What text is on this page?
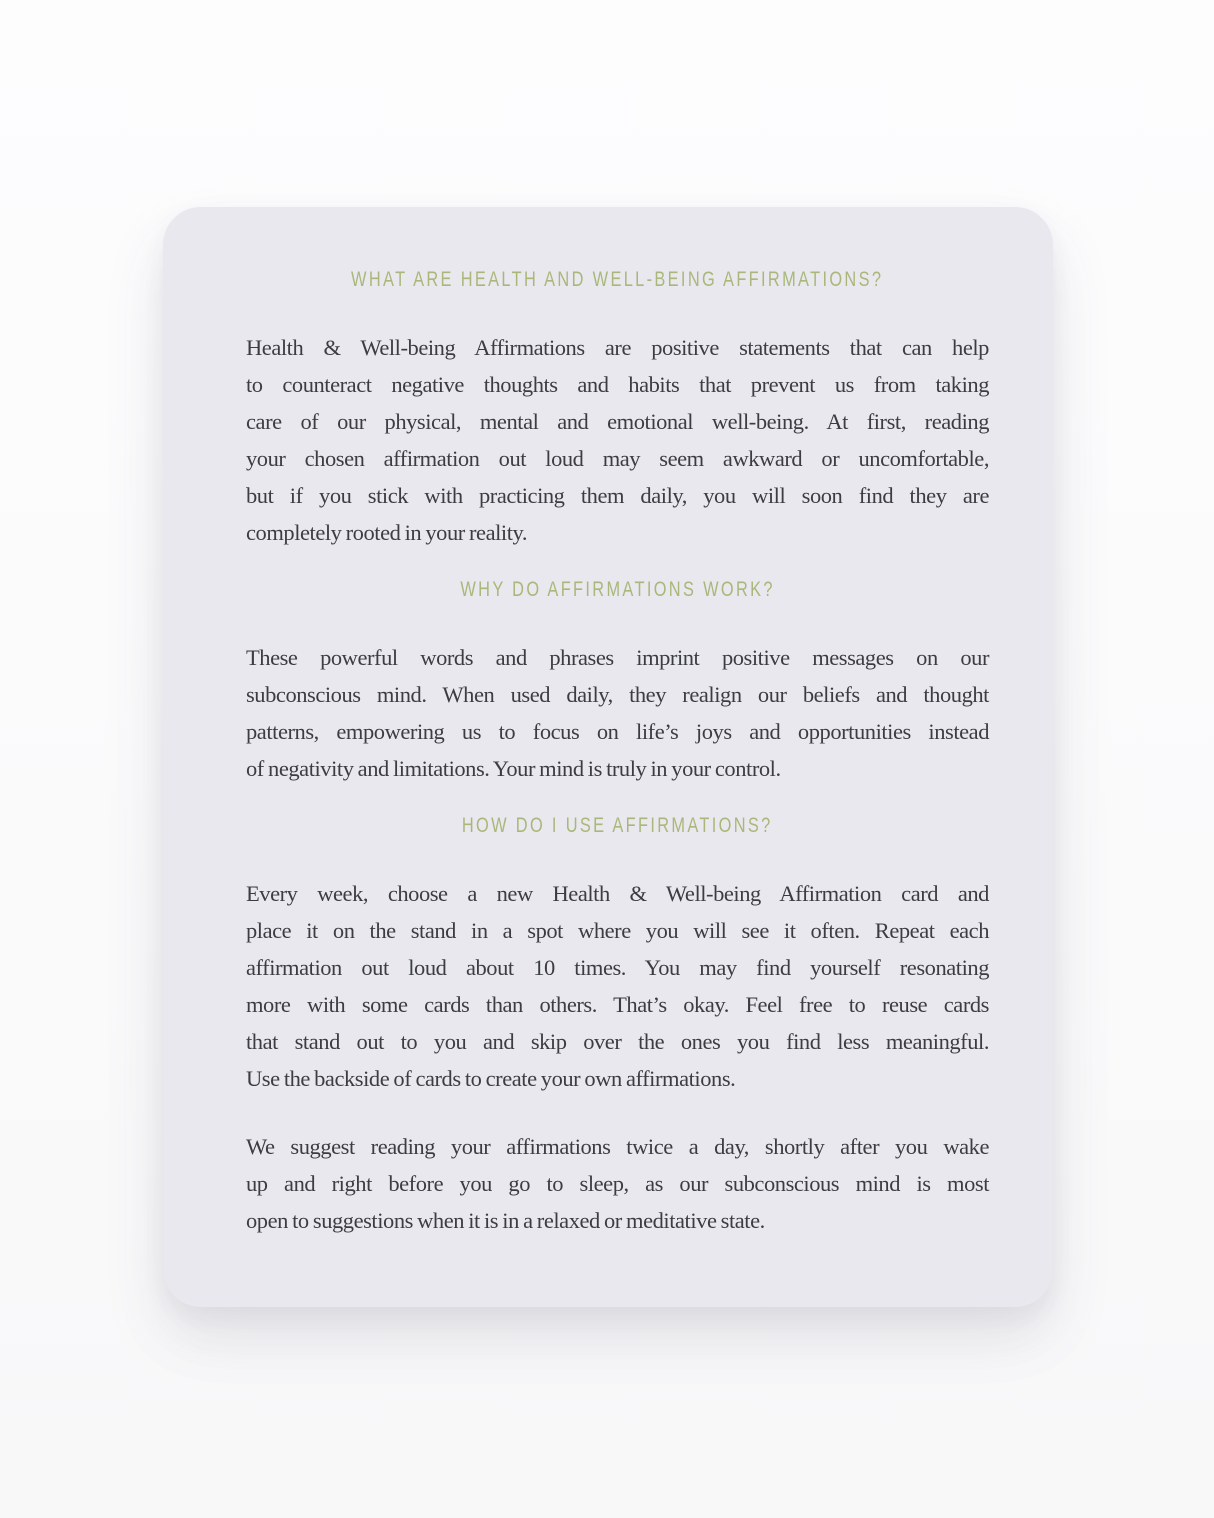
WHAT ARE HEALTH AND WELL-BEING AFFIRMATIONS?
Health & Well-being Affirmations are positive statements that can help
to counteract negative thoughts and habits that prevent us from taking
care of our physical, mental and emotional well-being. At first, reading
your chosen affirmation out loud may seem awkward or uncomfortable,
but if you stick with practicing them daily, you will soon find they are
completely rooted in your reality.
WHY DO AFFIRMATIONS WORK?
These powerful words and phrases imprint positive messages on our
subconscious mind. When used daily, they realign our beliefs and thought
patterns, empowering us to focus on life’s joys and opportunities instead
of negativity and limitations. Your mind is truly in your control.
HOW DO I USE AFFIRMATIONS?
Every week, choose a new Health & Well-being Affirmation card and
place it on the stand in a spot where you will see it often. Repeat each
affirmation out loud about 10 times. You may find yourself resonating
more with some cards than others. That’s okay. Feel free to reuse cards
that stand out to you and skip over the ones you find less meaningful.
Use the backside of cards to create your own affirmations.
We suggest reading your affirmations twice a day, shortly after you wake
up and right before you go to sleep, as our subconscious mind is most
open to suggestions when it is in a relaxed or meditative state.
